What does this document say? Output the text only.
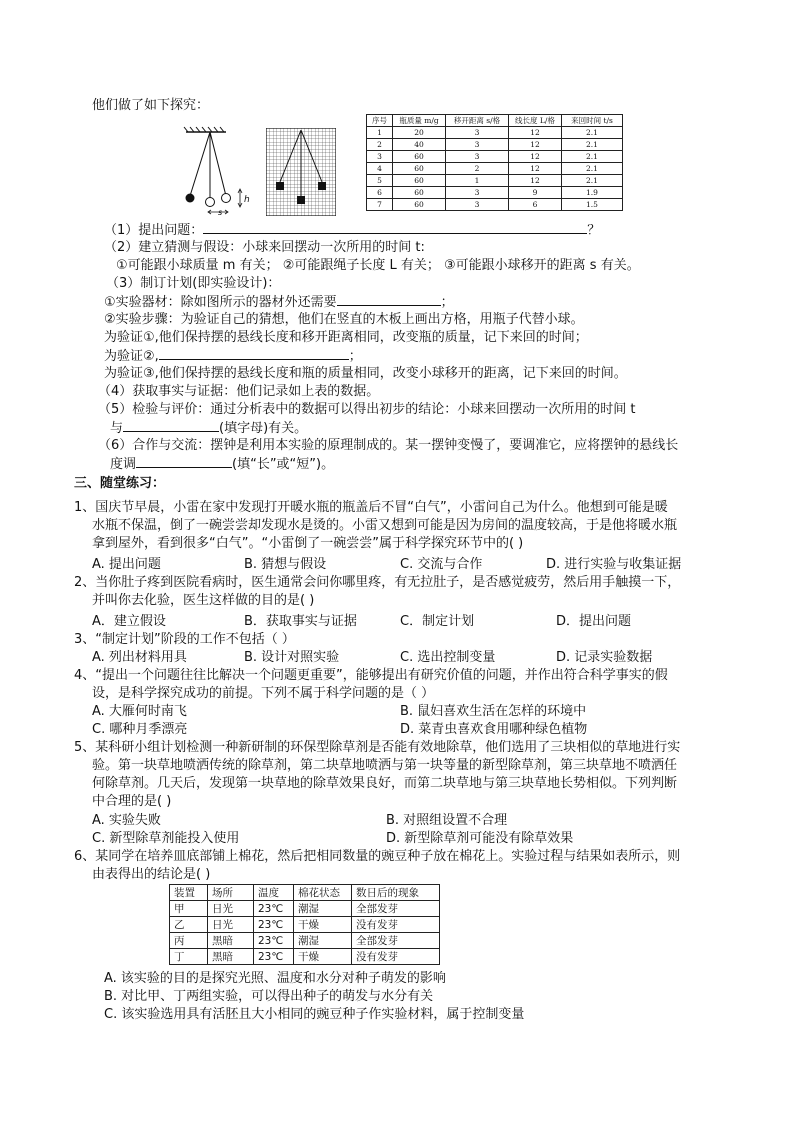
他们做了如下探究：
h
s
序号	瓶质量 m/g	移开距离 s/格	线长度 L/格	来回时间 t/s
1	20	3	12	2.1
2	40	3	12	2.1
3	60	3	12	2.1
4	60	2	12	2.1
5	60	1	12	2.1
6	60	3	9	1.9
7	60	3	6	1.5
（1）提出问题：	？
（2）建立猜测与假设：小球来回摆动一次所用的时间 t:
①可能跟小球质量 m 有关； ②可能跟绳子长度 L 有关； ③可能跟小球移开的距离 s 有关。
（3）制订计划(即实验设计)：
①实验器材：除如图所示的器材外还需要	；
②实验步骤：为验证自己的猜想，他们在竖直的木板上画出方格，用瓶子代替小球。
为验证①,他们保持摆的悬线长度和移开距离相同，改变瓶的质量，记下来回的时间；
为验证②,	；
为验证③,他们保持摆的悬线长度和瓶的质量相同，改变小球移开的距离，记下来回的时间。
（4）获取事实与证据：他们记录如上表的数据。
（5）检验与评价：通过分析表中的数据可以得出初步的结论：小球来回摆动一次所用的时间 t
与	(填字母)有关。
（6）合作与交流：摆钟是利用本实验的原理制成的。某一摆钟变慢了，要调准它，应将摆钟的悬线长
度调	(填“长”或“短”)。
三、随堂练习：
1、国庆节早晨，小雷在家中发现打开暖水瓶的瓶盖后不冒“白气”，小雷问自己为什么。他想到可能是暖
水瓶不保温，倒了一碗尝尝却发现水是烫的。小雷又想到可能是因为房间的温度较高，于是他将暖水瓶
拿到屋外，看到很多“白气”。“小雷倒了一碗尝尝”属于科学探究环节中的( )
A. 提出问题	B. 猜想与假设	C. 交流与合作	D. 进行实验与收集证据
2、当你肚子疼到医院看病时，医生通常会问你哪里疼，有无拉肚子，是否感觉疲劳，然后用手触摸一下，
并叫你去化验，医生这样做的目的是( )
A．建立假设	B．获取事实与证据	C．制定计划	D．提出问题
3、“制定计划”阶段的工作不包括（ ）
A. 列出材料用具	B. 设计对照实验	C. 选出控制变量	D. 记录实验数据
4、“提出一个问题往往比解决一个问题更重要”，能够提出有研究价值的问题，并作出符合科学事实的假
设，是科学探究成功的前提。下列不属于科学问题的是（ ）
A. 大雁何时南飞	B. 鼠妇喜欢生活在怎样的环境中
C. 哪种月季漂亮	D. 菜青虫喜欢食用哪种绿色植物
5、某科研小组计划检测一种新研制的环保型除草剂是否能有效地除草，他们选用了三块相似的草地进行实
验。第一块草地喷洒传统的除草剂，第二块草地喷洒与第一块等量的新型除草剂，第三块草地不喷洒任
何除草剂。几天后，发现第一块草地的除草效果良好，而第二块草地与第三块草地长势相似。下列判断
中合理的是( )
A. 实验失败	B. 对照组设置不合理
C. 新型除草剂能投入使用	D. 新型除草剂可能没有除草效果
6、某同学在培养皿底部铺上棉花，然后把相同数量的豌豆种子放在棉花上。实验过程与结果如表所示，则
由表得出的结论是( )
装置	场所	温度	棉花状态	数日后的现象
甲	日光	23℃	潮湿	全部发芽
乙	日光	23℃	干燥	没有发芽
丙	黑暗	23℃	潮湿	全部发芽
丁	黑暗	23℃	干燥	没有发芽
A. 该实验的目的是探究光照、温度和水分对种子萌发的影响
B. 对比甲、丁两组实验，可以得出种子的萌发与水分有关
C. 该实验选用具有活胚且大小相同的豌豆种子作实验材料，属于控制变量
